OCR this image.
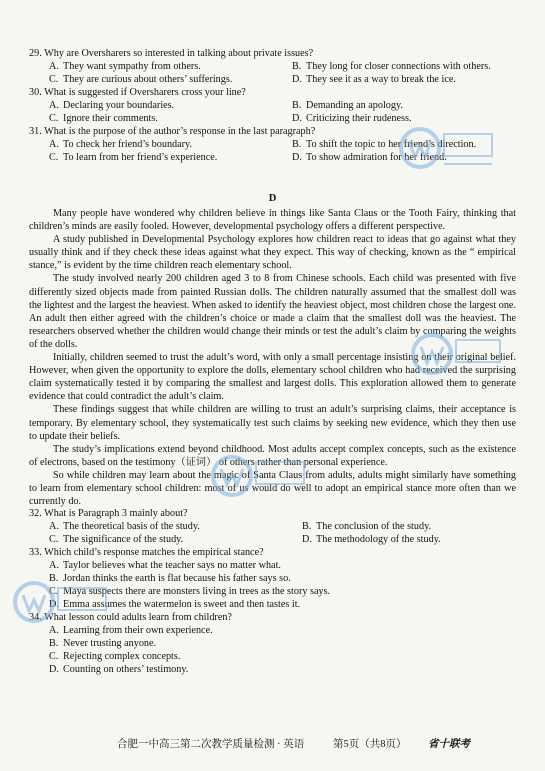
29. Why are Oversharers so interested in talking about private issues?
A. They want sympathy from others.	B. They long for closer connections with others.
C. They are curious about others’ sufferings.	D. They see it as a way to break the ice.
30. What is suggested if Oversharers cross your line?
A. Declaring your boundaries.	B. Demanding an apology.
C. Ignore their comments.	D. Criticizing their rudeness.
31. What is the purpose of the author’s response in the last paragraph?
A. To check her friend’s boundary.	B. To shift the topic to her friend’s direction.
C. To learn from her friend’s experience.	D. To show admiration for her friend.
D

Many people have wondered why children believe in things like Santa Claus or the Tooth Fairy, thinking that children’s minds are easily fooled. However, developmental psychology offers a different perspective.

A study published in Developmental Psychology explores how children react to ideas that go against what they usually think and if they check these ideas against what they expect. This way of checking, known as the “ empirical stance,” is evident by the time children reach elementary school.

The study involved nearly 200 children aged 3 to 8 from Chinese schools. Each child was presented with five differently sized objects made from painted Russian dolls. The children naturally assumed that the smallest doll was the lightest and the largest the heaviest. When asked to identify the heaviest object, most children chose the largest one. An adult then either agreed with the children’s choice or made a claim that the smallest doll was the heaviest. The researchers observed whether the children would change their minds or test the adult’s claim by comparing the weights of the dolls.

Initially, children seemed to trust the adult’s word, with only a small percentage insisting on their original belief. However, when given the opportunity to explore the dolls, elementary school children who had received the surprising claim systematically tested it by comparing the smallest and largest dolls. This exploration allowed them to generate evidence that could contradict the adult’s claim.

These findings suggest that while children are willing to trust an adult’s surprising claims, their acceptance is temporary. By elementary school, they systematically test such claims by seeking new evidence, which they then use to update their beliefs.

The study’s implications extend beyond childhood. Most adults accept complex concepts, such as the existence of electrons, based on the testimony（证词） of others rather than personal experience.

So while children may learn about the magic of Santa Claus from adults, adults might similarly have something to learn from elementary school children: most of us would do well to adopt an empirical stance more often than we currently do.

32. What is Paragraph 3 mainly about?
A. The theoretical basis of the study.	B. The conclusion of the study.
C. The significance of the study.	D. The methodology of the study.
33. Which child’s response matches the empirical stance?
A. Taylor believes what the teacher says no matter what.
B. Jordan thinks the earth is flat because his father says so.
C. Maya suspects there are monsters living in trees as the story says.
D. Emma assumes the watermelon is sweet and then tastes it.
34. What lesson could adults learn from children?
A. Learning from their own experience.
B. Never trusting anyone.
C. Rejecting complex concepts.
D. Counting on others’ testimony.
合肥一中高三第二次教学质量检测 · 英语	第5页（共8页） 省十联考
